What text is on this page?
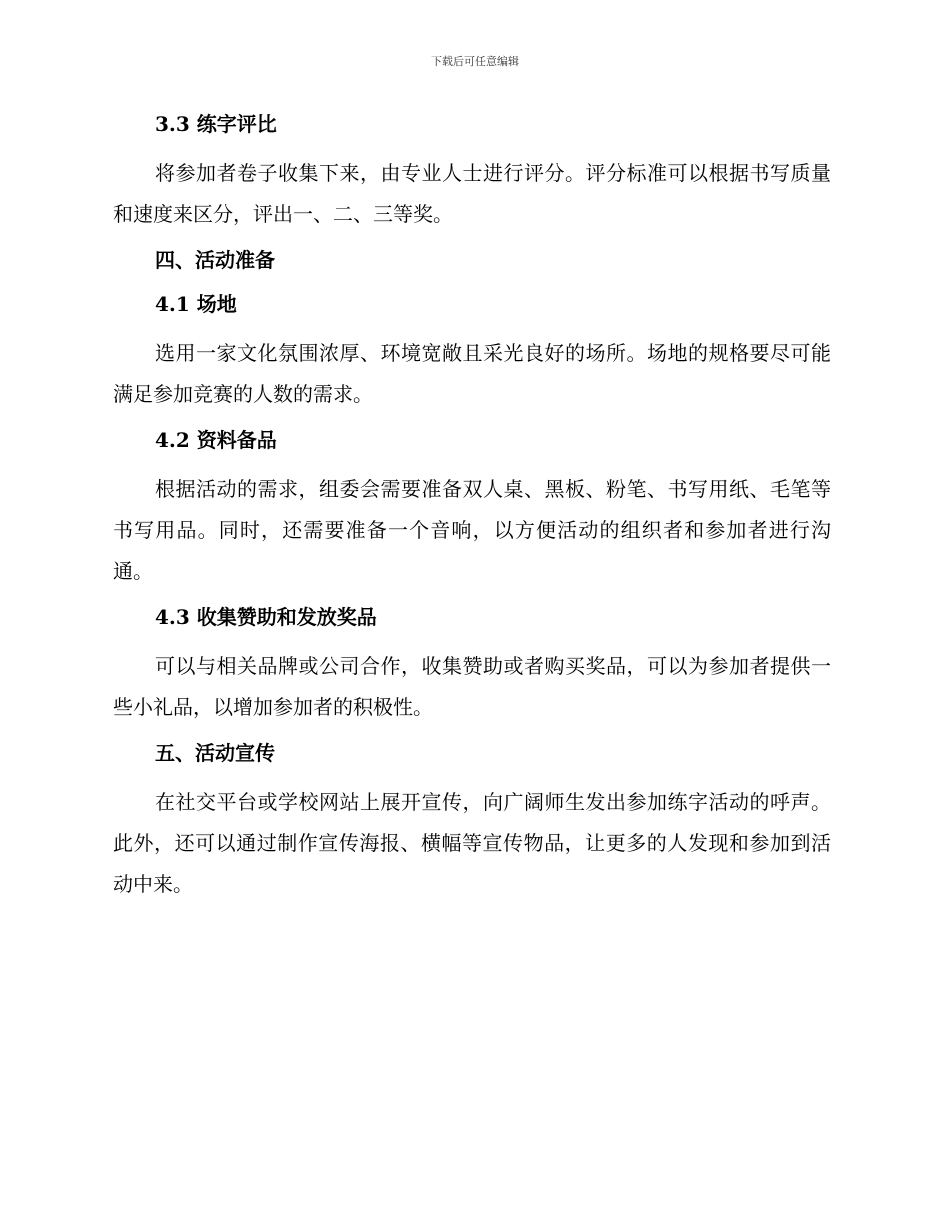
下载后可任意编辑
3.3 练字评比

将参加者卷子收集下来，由专业人士进行评分。评分标准可以根据书写质量和速度来区分，评出一、二、三等奖。

四、活动准备
4.1 场地

选用一家文化氛围浓厚、环境宽敞且采光良好的场所。场地的规格要尽可能满足参加竞赛的人数的需求。

4.2 资料备品

根据活动的需求，组委会需要准备双人桌、黑板、粉笔、书写用纸、毛笔等书写用品。同时，还需要准备一个音响，以方便活动的组织者和参加者进行沟通。

4.3 收集赞助和发放奖品

可以与相关品牌或公司合作，收集赞助或者购买奖品，可以为参加者提供一些小礼品，以增加参加者的积极性。

五、活动宣传

在社交平台或学校网站上展开宣传，向广阔师生发出参加练字活动的呼声。此外，还可以通过制作宣传海报、横幅等宣传物品，让更多的人发现和参加到活动中来。
